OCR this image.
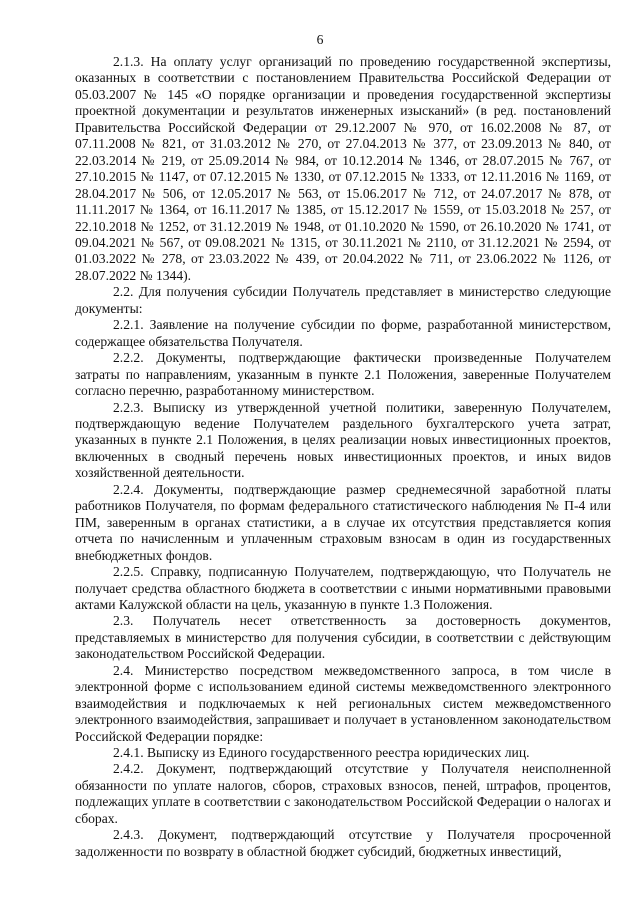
6

2.1.3. На оплату услуг организаций по проведению государственной экспертизы, оказанных в соответствии с постановлением Правительства Российской Федерации от 05.03.2007 № 145 «О порядке организации и проведения государственной экспертизы проектной документации и результатов инженерных изысканий» (в ред. постановлений Правительства Российской Федерации от 29.12.2007 № 970, от 16.02.2008 № 87, от 07.11.2008 № 821, от 31.03.2012 № 270, от 27.04.2013 № 377, от 23.09.2013 № 840, от 22.03.2014 № 219, от 25.09.2014 № 984, от 10.12.2014 № 1346, от 28.07.2015 № 767, от 27.10.2015 № 1147, от 07.12.2015 № 1330, от 07.12.2015 № 1333, от 12.11.2016 № 1169, от 28.04.2017 № 506, от 12.05.2017 № 563, от 15.06.2017 № 712, от 24.07.2017 № 878, от 11.11.2017 № 1364, от 16.11.2017 № 1385, от 15.12.2017 № 1559, от 15.03.2018 № 257, от 22.10.2018 № 1252, от 31.12.2019 № 1948, от 01.10.2020 № 1590, от 26.10.2020 № 1741, от 09.04.2021 № 567, от 09.08.2021 № 1315, от 30.11.2021 № 2110, от 31.12.2021 № 2594, от 01.03.2022 № 278, от 23.03.2022 № 439, от 20.04.2022 № 711, от 23.06.2022 № 1126, от 28.07.2022 № 1344).

2.2. Для получения субсидии Получатель представляет в министерство следующие документы:

2.2.1. Заявление на получение субсидии по форме, разработанной министерством, содержащее обязательства Получателя.

2.2.2. Документы, подтверждающие фактически произведенные Получателем затраты по направлениям, указанным в пункте 2.1 Положения, заверенные Получателем согласно перечню, разработанному министерством.

2.2.3. Выписку из утвержденной учетной политики, заверенную Получателем, подтверждающую ведение Получателем раздельного бухгалтерского учета затрат, указанных в пункте 2.1 Положения, в целях реализации новых инвестиционных проектов, включенных в сводный перечень новых инвестиционных проектов, и иных видов хозяйственной деятельности.

2.2.4. Документы, подтверждающие размер среднемесячной заработной платы работников Получателя, по формам федерального статистического наблюдения № П-4 или ПМ, заверенным в органах статистики, а в случае их отсутствия представляется копия отчета по начисленным и уплаченным страховым взносам в один из государственных внебюджетных фондов.

2.2.5. Справку, подписанную Получателем, подтверждающую, что Получатель не получает средства областного бюджета в соответствии с иными нормативными правовыми актами Калужской области на цель, указанную в пункте 1.3 Положения.

2.3. Получатель несет ответственность за достоверность документов, представляемых в министерство для получения субсидии, в соответствии с действующим законодательством Российской Федерации.

2.4. Министерство посредством межведомственного запроса, в том числе в электронной форме с использованием единой системы межведомственного электронного взаимодействия и подключаемых к ней региональных систем межведомственного электронного взаимодействия, запрашивает и получает в установленном законодательством Российской Федерации порядке:

2.4.1. Выписку из Единого государственного реестра юридических лиц.

2.4.2. Документ, подтверждающий отсутствие у Получателя неисполненной обязанности по уплате налогов, сборов, страховых взносов, пеней, штрафов, процентов, подлежащих уплате в соответствии с законодательством Российской Федерации о налогах и сборах.

2.4.3. Документ, подтверждающий отсутствие у Получателя просроченной задолженности по возврату в областной бюджет субсидий, бюджетных инвестиций,
